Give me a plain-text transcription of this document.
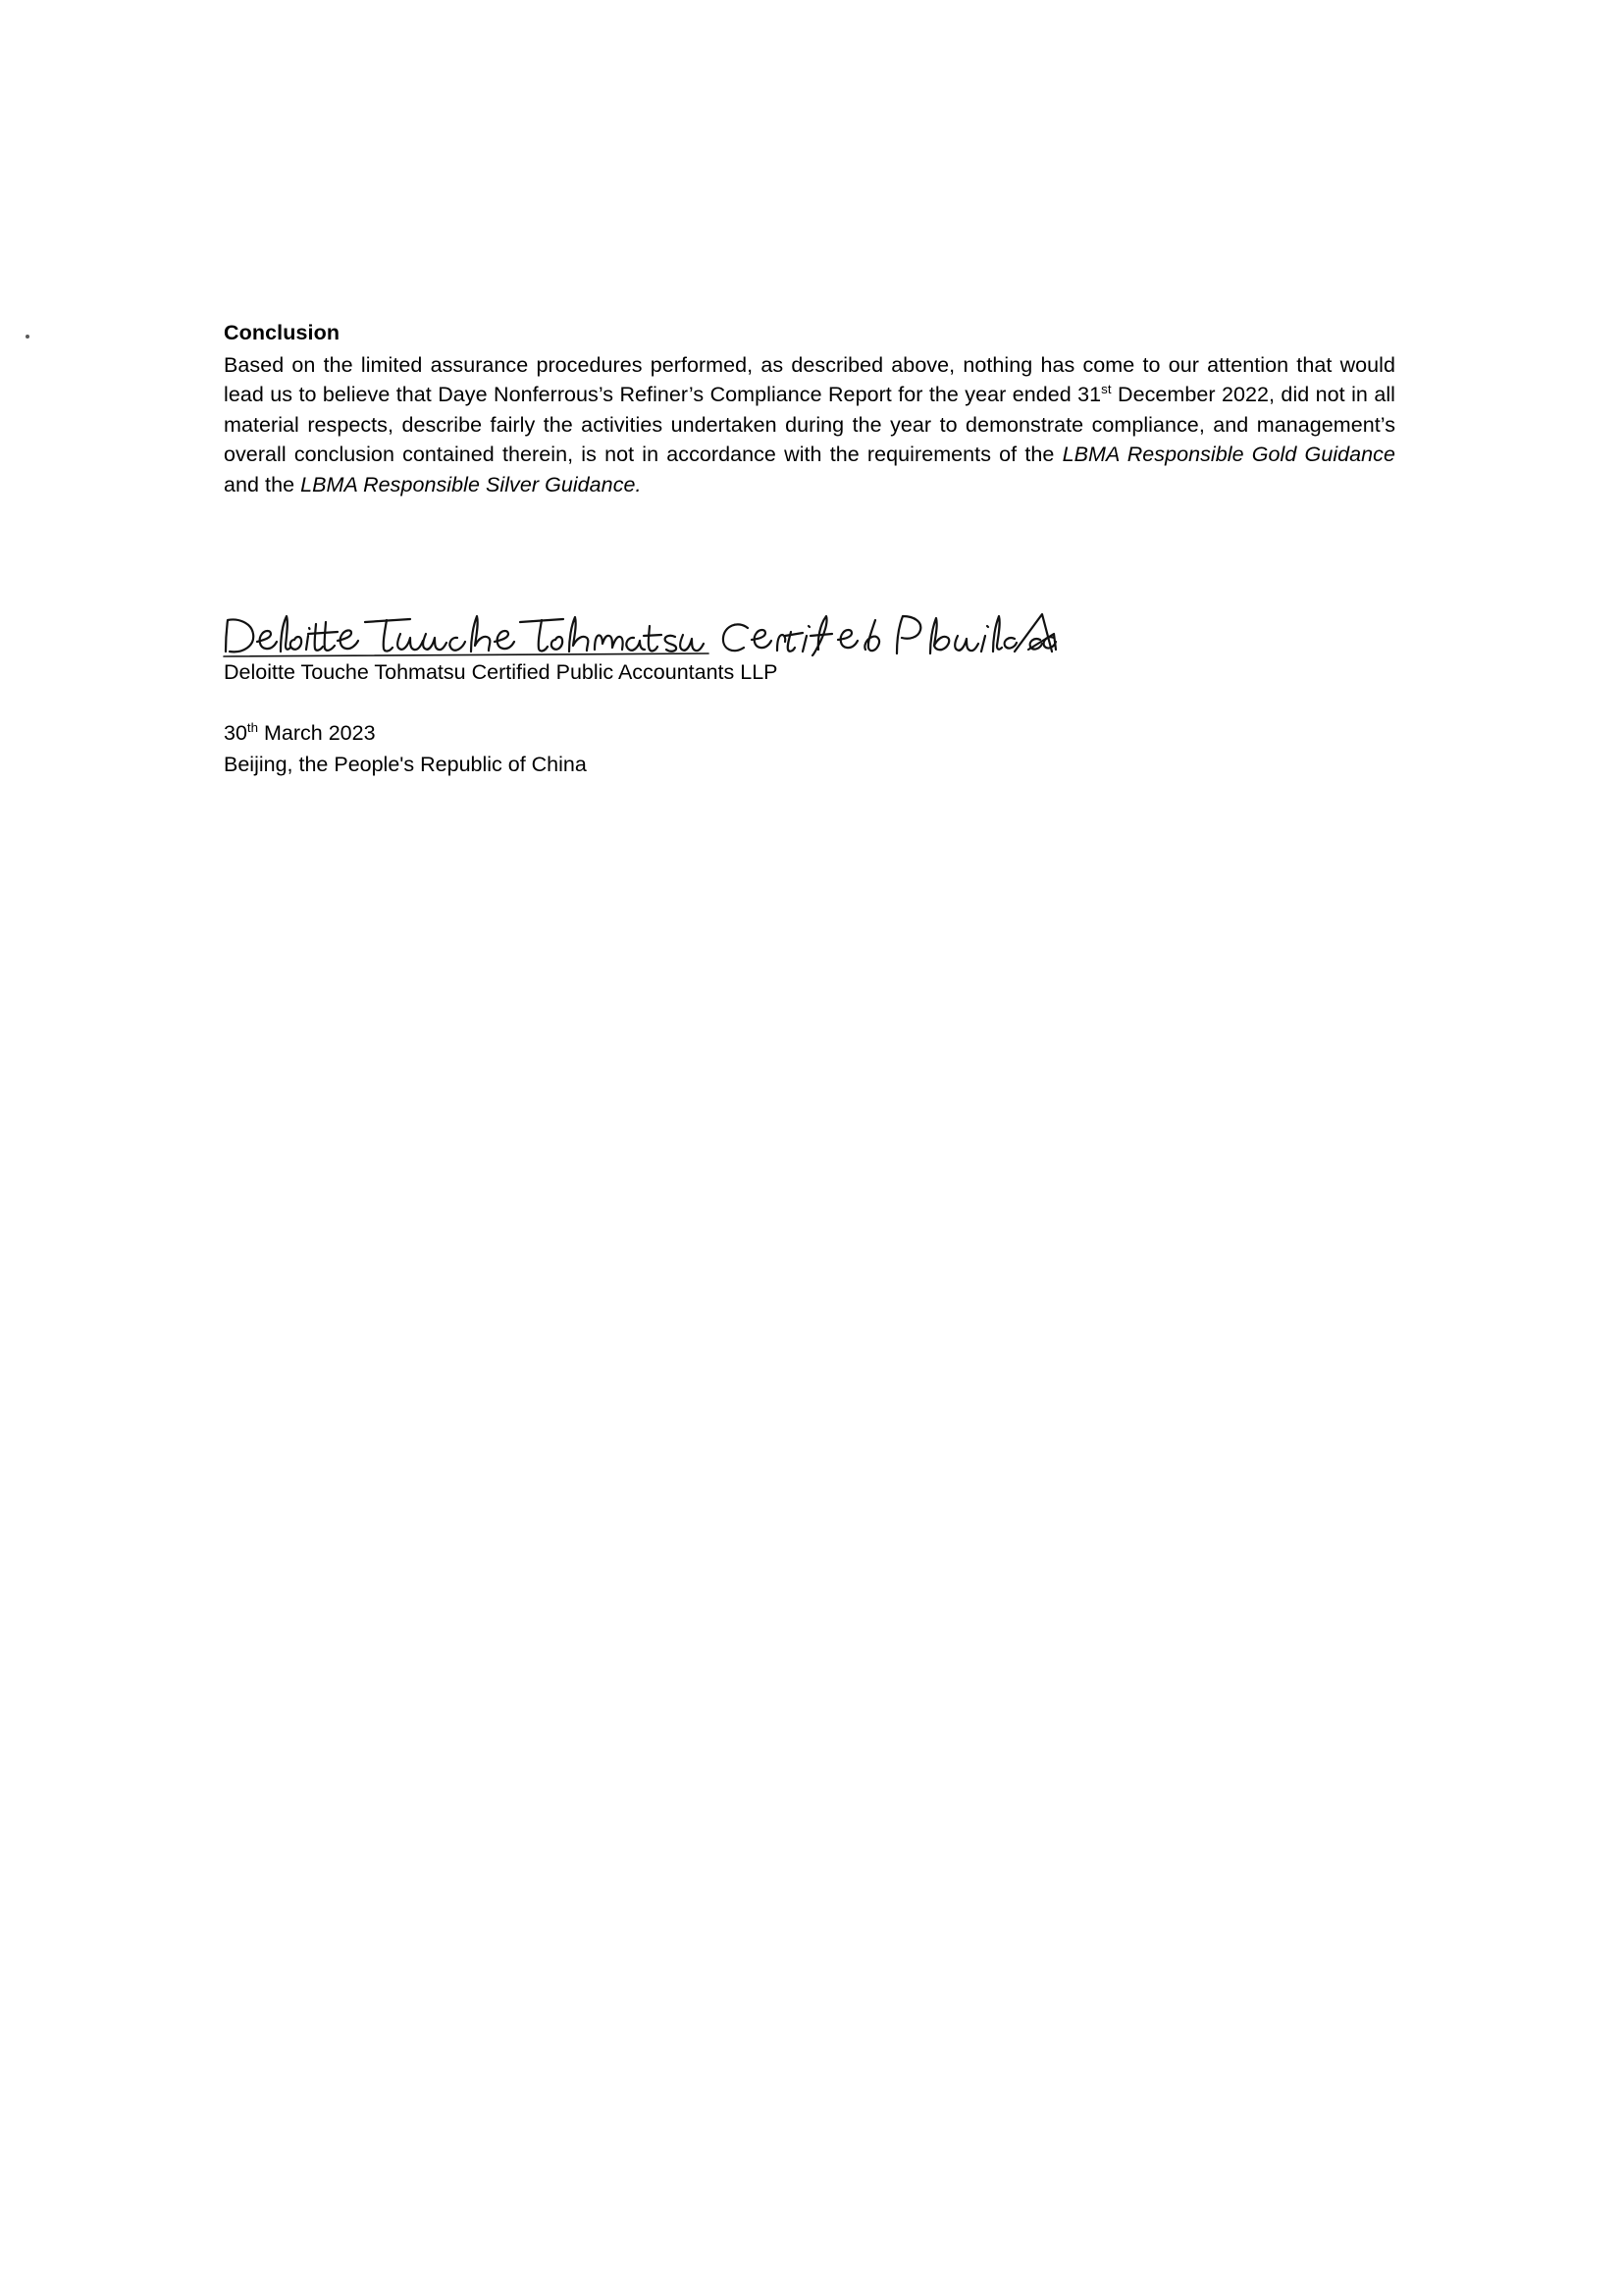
Conclusion

Based on the limited assurance procedures performed, as described above, nothing has come to our attention that would lead us to believe that Daye Nonferrous’s Refiner’s Compliance Report for the year ended 31st December 2022, did not in all material respects, describe fairly the activities undertaken during the year to demonstrate compliance, and management’s overall conclusion contained therein, is not in accordance with the requirements of the LBMA Responsible Gold Guidance and the LBMA Responsible Silver Guidance.

Deloitte Touche Tohmatsu Certified Public Accountants LLP
30th March 2023
Beijing, the People's Republic of China
